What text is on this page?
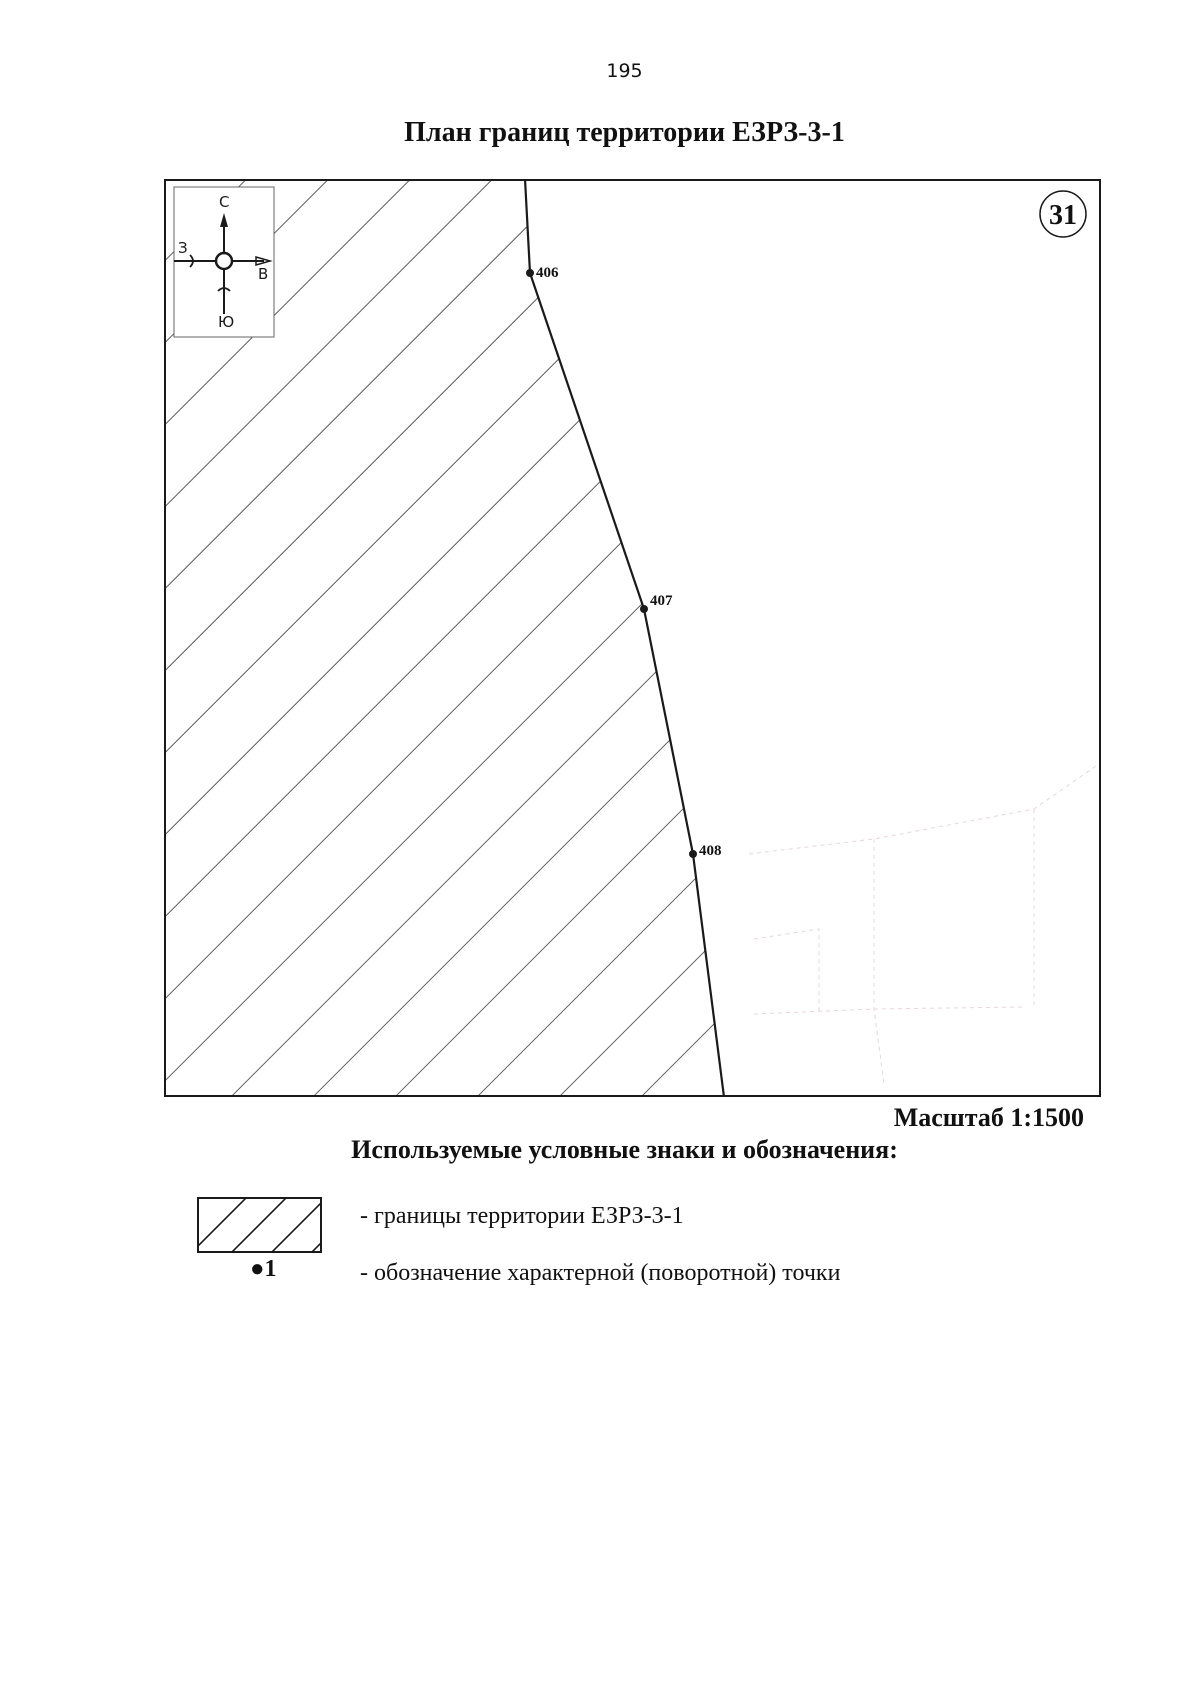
195
План границ территории ЕЗРЗ-3-1
С
З
В
Ю
31
406
407
408
Масштаб 1:1500
Используемые условные знаки и обозначения:
●1
- границы территории ЕЗРЗ-3-1
- обозначение характерной (поворотной) точки
